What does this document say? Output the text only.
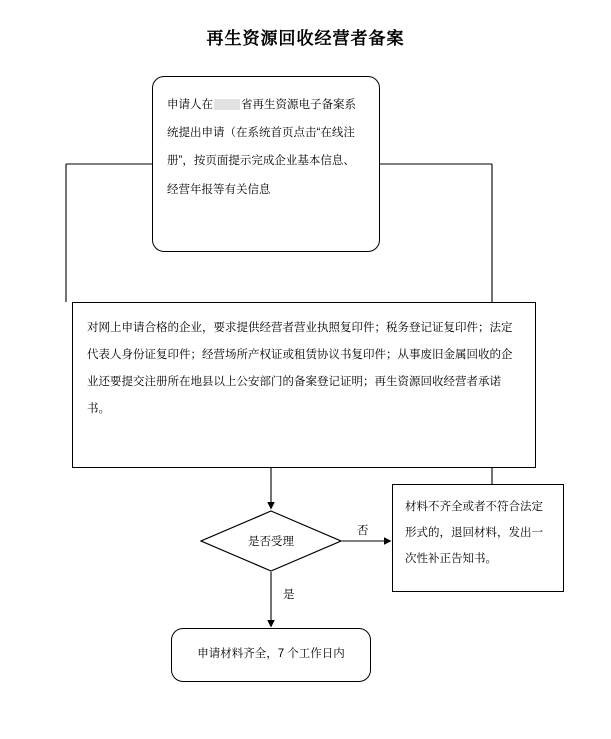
再生资源回收经营者备案
申请人在 省再生资源电子备案系统提出申请（在系统首页点击“在线注册”，按页面提示完成企业基本信息、经营年报等有关信息
对网上申请合格的企业，要求提供经营者营业执照复印件；税务登记证复印件；法定代表人身份证复印件；经营场所产权证或租赁协议书复印件；从事废旧金属回收的企业还要提交注册所在地县以上公安部门的备案登记证明；再生资源回收经营者承诺书。
是否受理
材料不齐全或者不符合法定形式的，退回材料，发出一次性补正告知书。
申请材料齐全，7 个工作日内
否
是
